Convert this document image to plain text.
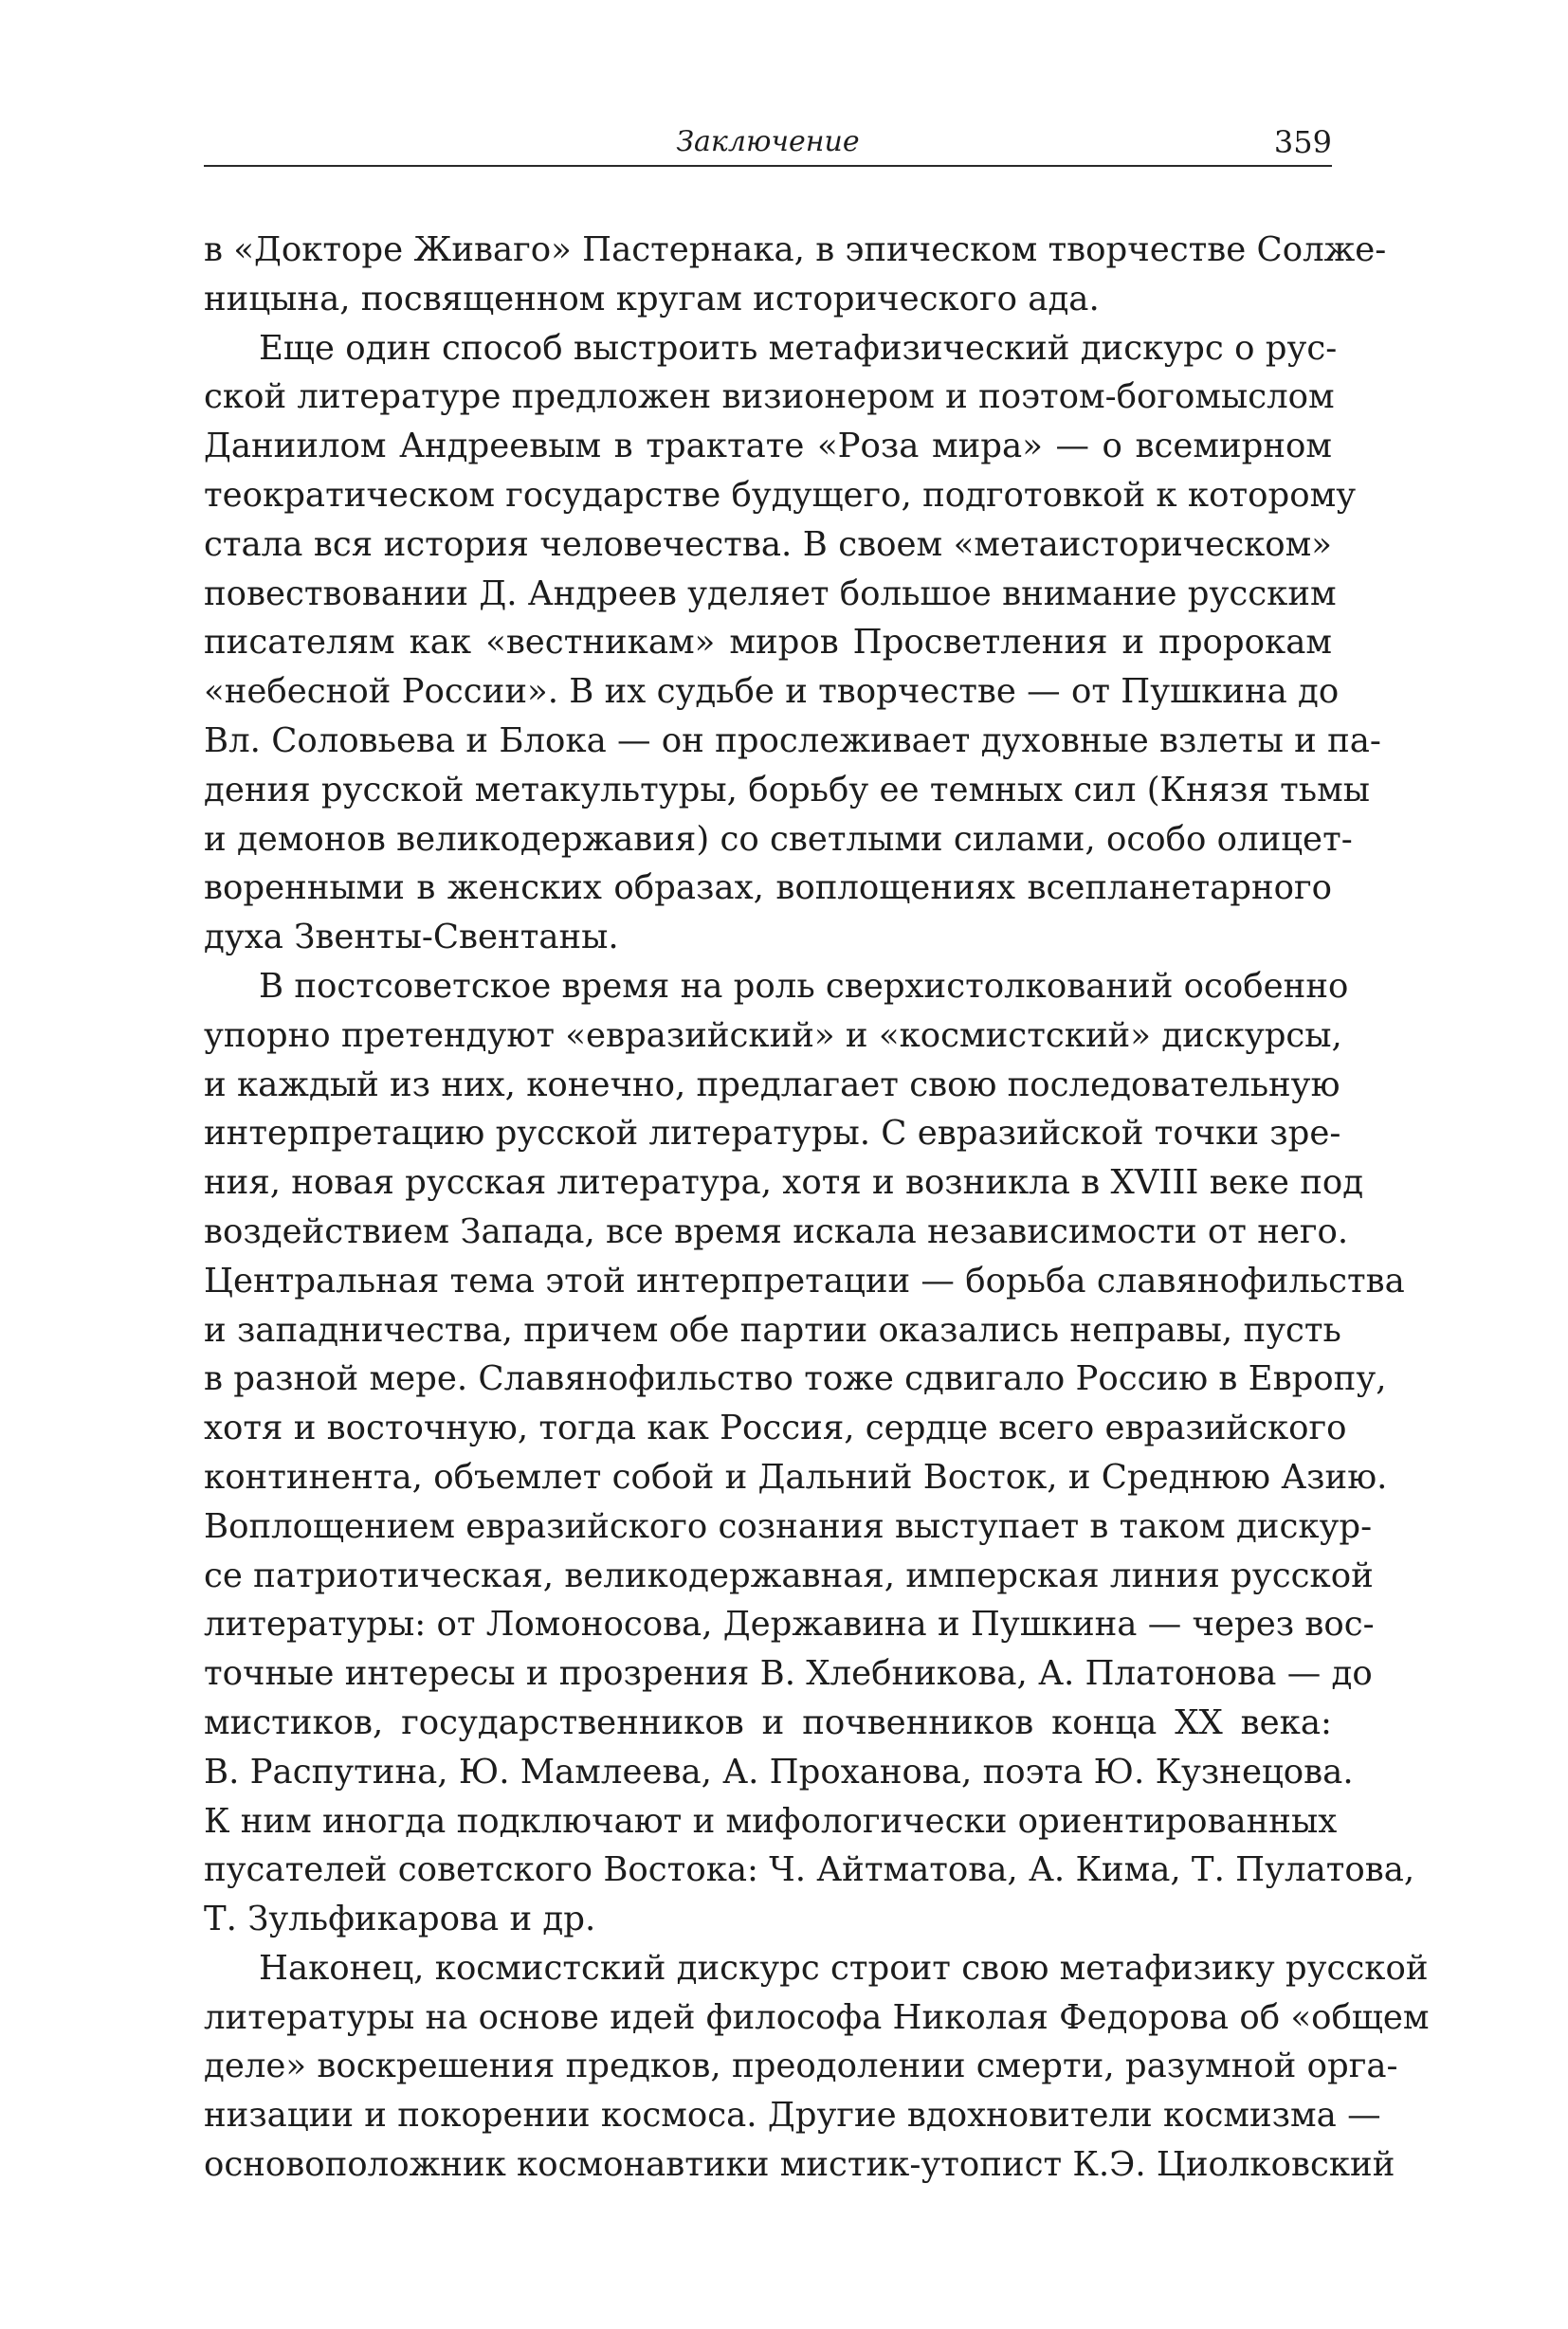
Заключение	359
в «Докторе Живаго» Пастернака, в эпическом творчестве Солже-
ницына, посвященном кругам исторического ада.
Еще один способ выстроить метафизический дискурс о рус-
ской литературе предложен визионером и поэтом-богомыслом
Даниилом Андреевым в трактате «Роза мира» — о всемирном
теократическом государстве будущего, подготовкой к которому
стала вся история человечества. В своем «метаисторическом»
повествовании Д. Андреев уделяет большое внимание русским
писателям как «вестникам» миров Просветления и пророкам
«небесной России». В их судьбе и творчестве — от Пушкина до
Вл. Соловьева и Блока — он прослеживает духовные взлеты и па-
дения русской метакультуры, борьбу ее темных сил (Князя тьмы
и демонов великодержавия) со светлыми силами, особо олицет-
воренными в женских образах, воплощениях всепланетарного
духа Звенты-Свентаны.
В постсоветское время на роль сверхистолкований особенно
упорно претендуют «евразийский» и «космистский» дискурсы,
и каждый из них, конечно, предлагает свою последовательную
интерпретацию русской литературы. С евразийской точки зре-
ния, новая русская литература, хотя и возникла в XVIII веке под
воздействием Запада, все время искала независимости от него.
Центральная тема этой интерпретации — борьба славянофильства
и западничества, причем обе партии оказались неправы, пусть
в разной мере. Славянофильство тоже сдвигало Россию в Европу,
хотя и восточную, тогда как Россия, сердце всего евразийского
континента, объемлет собой и Дальний Восток, и Среднюю Азию.
Воплощением евразийского сознания выступает в таком дискур-
се патриотическая, великодержавная, имперская линия русской
литературы: от Ломоносова, Державина и Пушкина — через вос-
точные интересы и прозрения В. Хлебникова, А. Платонова — до
мистиков, государственников и почвенников конца XX века:
В. Распутина, Ю. Мамлеева, А. Проханова, поэта Ю. Кузнецова.
К ним иногда подключают и мифологически ориентированных
пусателей советского Востока: Ч. Айтматова, А. Кима, Т. Пулатова,
Т. Зульфикарова и др.
Наконец, космистский дискурс строит свою метафизику русской
литературы на основе идей философа Николая Федорова об «общем
деле» воскрешения предков, преодолении смерти, разумной орга-
низации и покорении космоса. Другие вдохновители космизма —
основоположник космонавтики мистик-утопист К.Э. Циолковский
